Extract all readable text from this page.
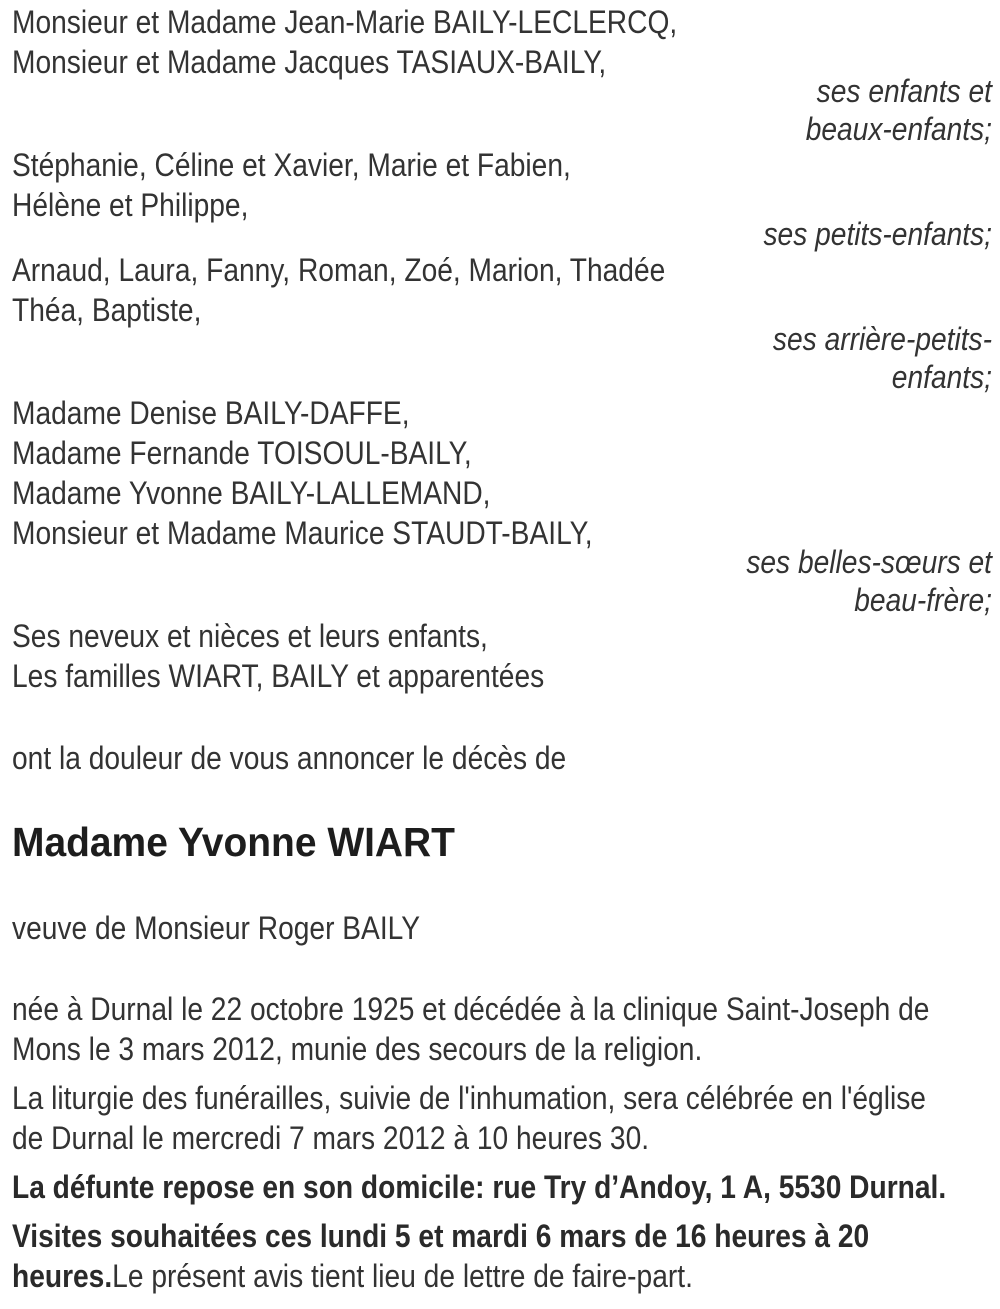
Monsieur et Madame Jean-Marie BAILY-LECLERCQ,
Monsieur et Madame Jacques TASIAUX-BAILY,
ses enfants et
beaux-enfants;
Stéphanie, Céline et Xavier, Marie et Fabien,
Hélène et Philippe,
ses petits-enfants;
Arnaud, Laura, Fanny, Roman, Zoé, Marion, Thadée
Théa, Baptiste,
ses arrière-petits-
enfants;
Madame Denise BAILY-DAFFE,
Madame Fernande TOISOUL-BAILY,
Madame Yvonne BAILY-LALLEMAND,
Monsieur et Madame Maurice STAUDT-BAILY,
ses belles-sœurs et
beau-frère;
Ses neveux et nièces et leurs enfants,
Les familles WIART, BAILY et apparentées
ont la douleur de vous annoncer le décès de
Madame Yvonne WIART
veuve de Monsieur Roger BAILY
née à Durnal le 22 octobre 1925 et décédée à la clinique Saint-Joseph de
Mons le 3 mars 2012, munie des secours de la religion.
La liturgie des funérailles, suivie de l'inhumation, sera célébrée en l'église
de Durnal le mercredi 7 mars 2012 à 10 heures 30.
La défunte repose en son domicile: rue Try d’Andoy, 1 A, 5530 Durnal.
Visites souhaitées ces lundi 5 et mardi 6 mars de 16 heures à 20
heures.Le présent avis tient lieu de lettre de faire-part.
